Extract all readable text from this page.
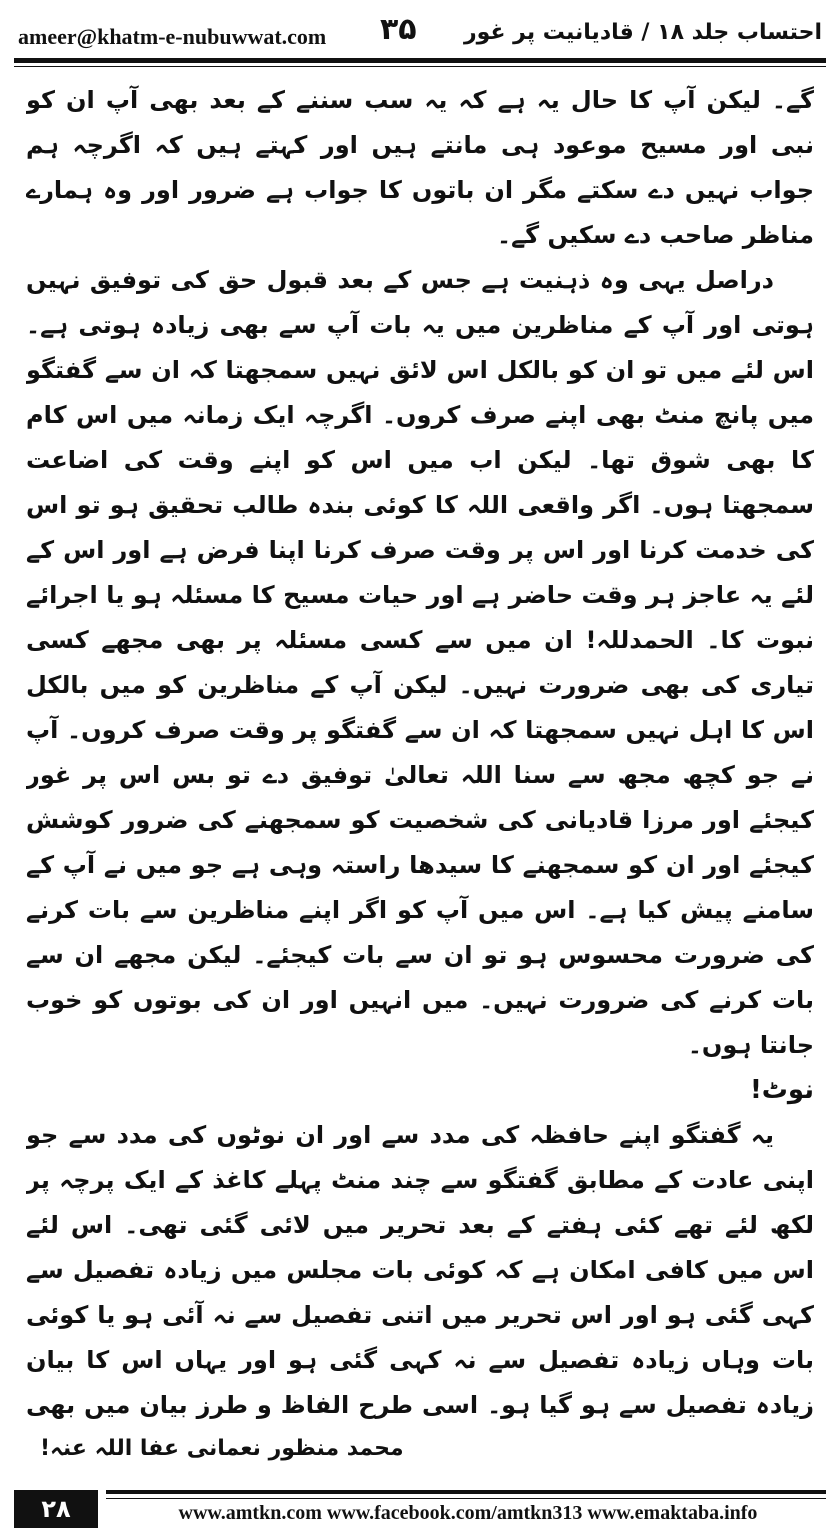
ameer@khatm-e-nubuwwat.com ۳۵ احتساب جلد ۱۸ / قادیانیت پر غور

گے۔ لیکن آپ کا حال یہ ہے کہ یہ سب سننے کے بعد بھی آپ ان کو نبی اور مسیح موعود ہی مانتے ہیں اور کہتے ہیں کہ اگرچہ ہم جواب نہیں دے سکتے مگر ان باتوں کا جواب ہے ضرور اور وہ ہمارے مناظر صاحب دے سکیں گے۔

دراصل یہی وہ ذہنیت ہے جس کے بعد قبول حق کی توفیق نہیں ہوتی اور آپ کے مناظرین میں یہ بات آپ سے بھی زیادہ ہوتی ہے۔ اس لئے میں تو ان کو بالکل اس لائق نہیں سمجھتا کہ ان سے گفتگو میں پانچ منٹ بھی اپنے صرف کروں۔ اگرچہ ایک زمانہ میں اس کام کا بھی شوق تھا۔ لیکن اب میں اس کو اپنے وقت کی اضاعت سمجھتا ہوں۔ اگر واقعی اللہ کا کوئی بندہ طالب تحقیق ہو تو اس کی خدمت کرنا اور اس پر وقت صرف کرنا اپنا فرض ہے اور اس کے لئے یہ عاجز ہر وقت حاضر ہے اور حیات مسیح کا مسئلہ ہو یا اجرائے نبوت کا۔ الحمدللہ! ان میں سے کسی مسئلہ پر بھی مجھے کسی تیاری کی بھی ضرورت نہیں۔ لیکن آپ کے مناظرین کو میں بالکل اس کا اہل نہیں سمجھتا کہ ان سے گفتگو پر وقت صرف کروں۔ آپ نے جو کچھ مجھ سے سنا اللہ تعالیٰ توفیق دے تو بس اس پر غور کیجئے اور مرزا قادیانی کی شخصیت کو سمجھنے کی ضرور کوشش کیجئے اور ان کو سمجھنے کا سیدھا راستہ وہی ہے جو میں نے آپ کے سامنے پیش کیا ہے۔ اس میں آپ کو اگر اپنے مناظرین سے بات کرنے کی ضرورت محسوس ہو تو ان سے بات کیجئے۔ لیکن مجھے ان سے بات کرنے کی ضرورت نہیں۔ میں انہیں اور ان کی بوتوں کو خوب جانتا ہوں۔

نوٹ!

یہ گفتگو اپنے حافظہ کی مدد سے اور ان نوٹوں کی مدد سے جو اپنی عادت کے مطابق گفتگو سے چند منٹ پہلے کاغذ کے ایک پرچہ پر لکھ لئے تھے کئی ہفتے کے بعد تحریر میں لائی گئی تھی۔ اس لئے اس میں کافی امکان ہے کہ کوئی بات مجلس میں زیادہ تفصیل سے کہی گئی ہو اور اس تحریر میں اتنی تفصیل سے نہ آئی ہو یا کوئی بات وہاں زیادہ تفصیل سے نہ کہی گئی ہو اور یہاں اس کا بیان زیادہ تفصیل سے ہو گیا ہو۔ اسی طرح الفاظ و طرز بیان میں بھی

محمد منظور نعمانی عفا اللہ عنہ!
۲۸	www.amtkn.com www.facebook.com/amtkn313 www.emaktaba.info
